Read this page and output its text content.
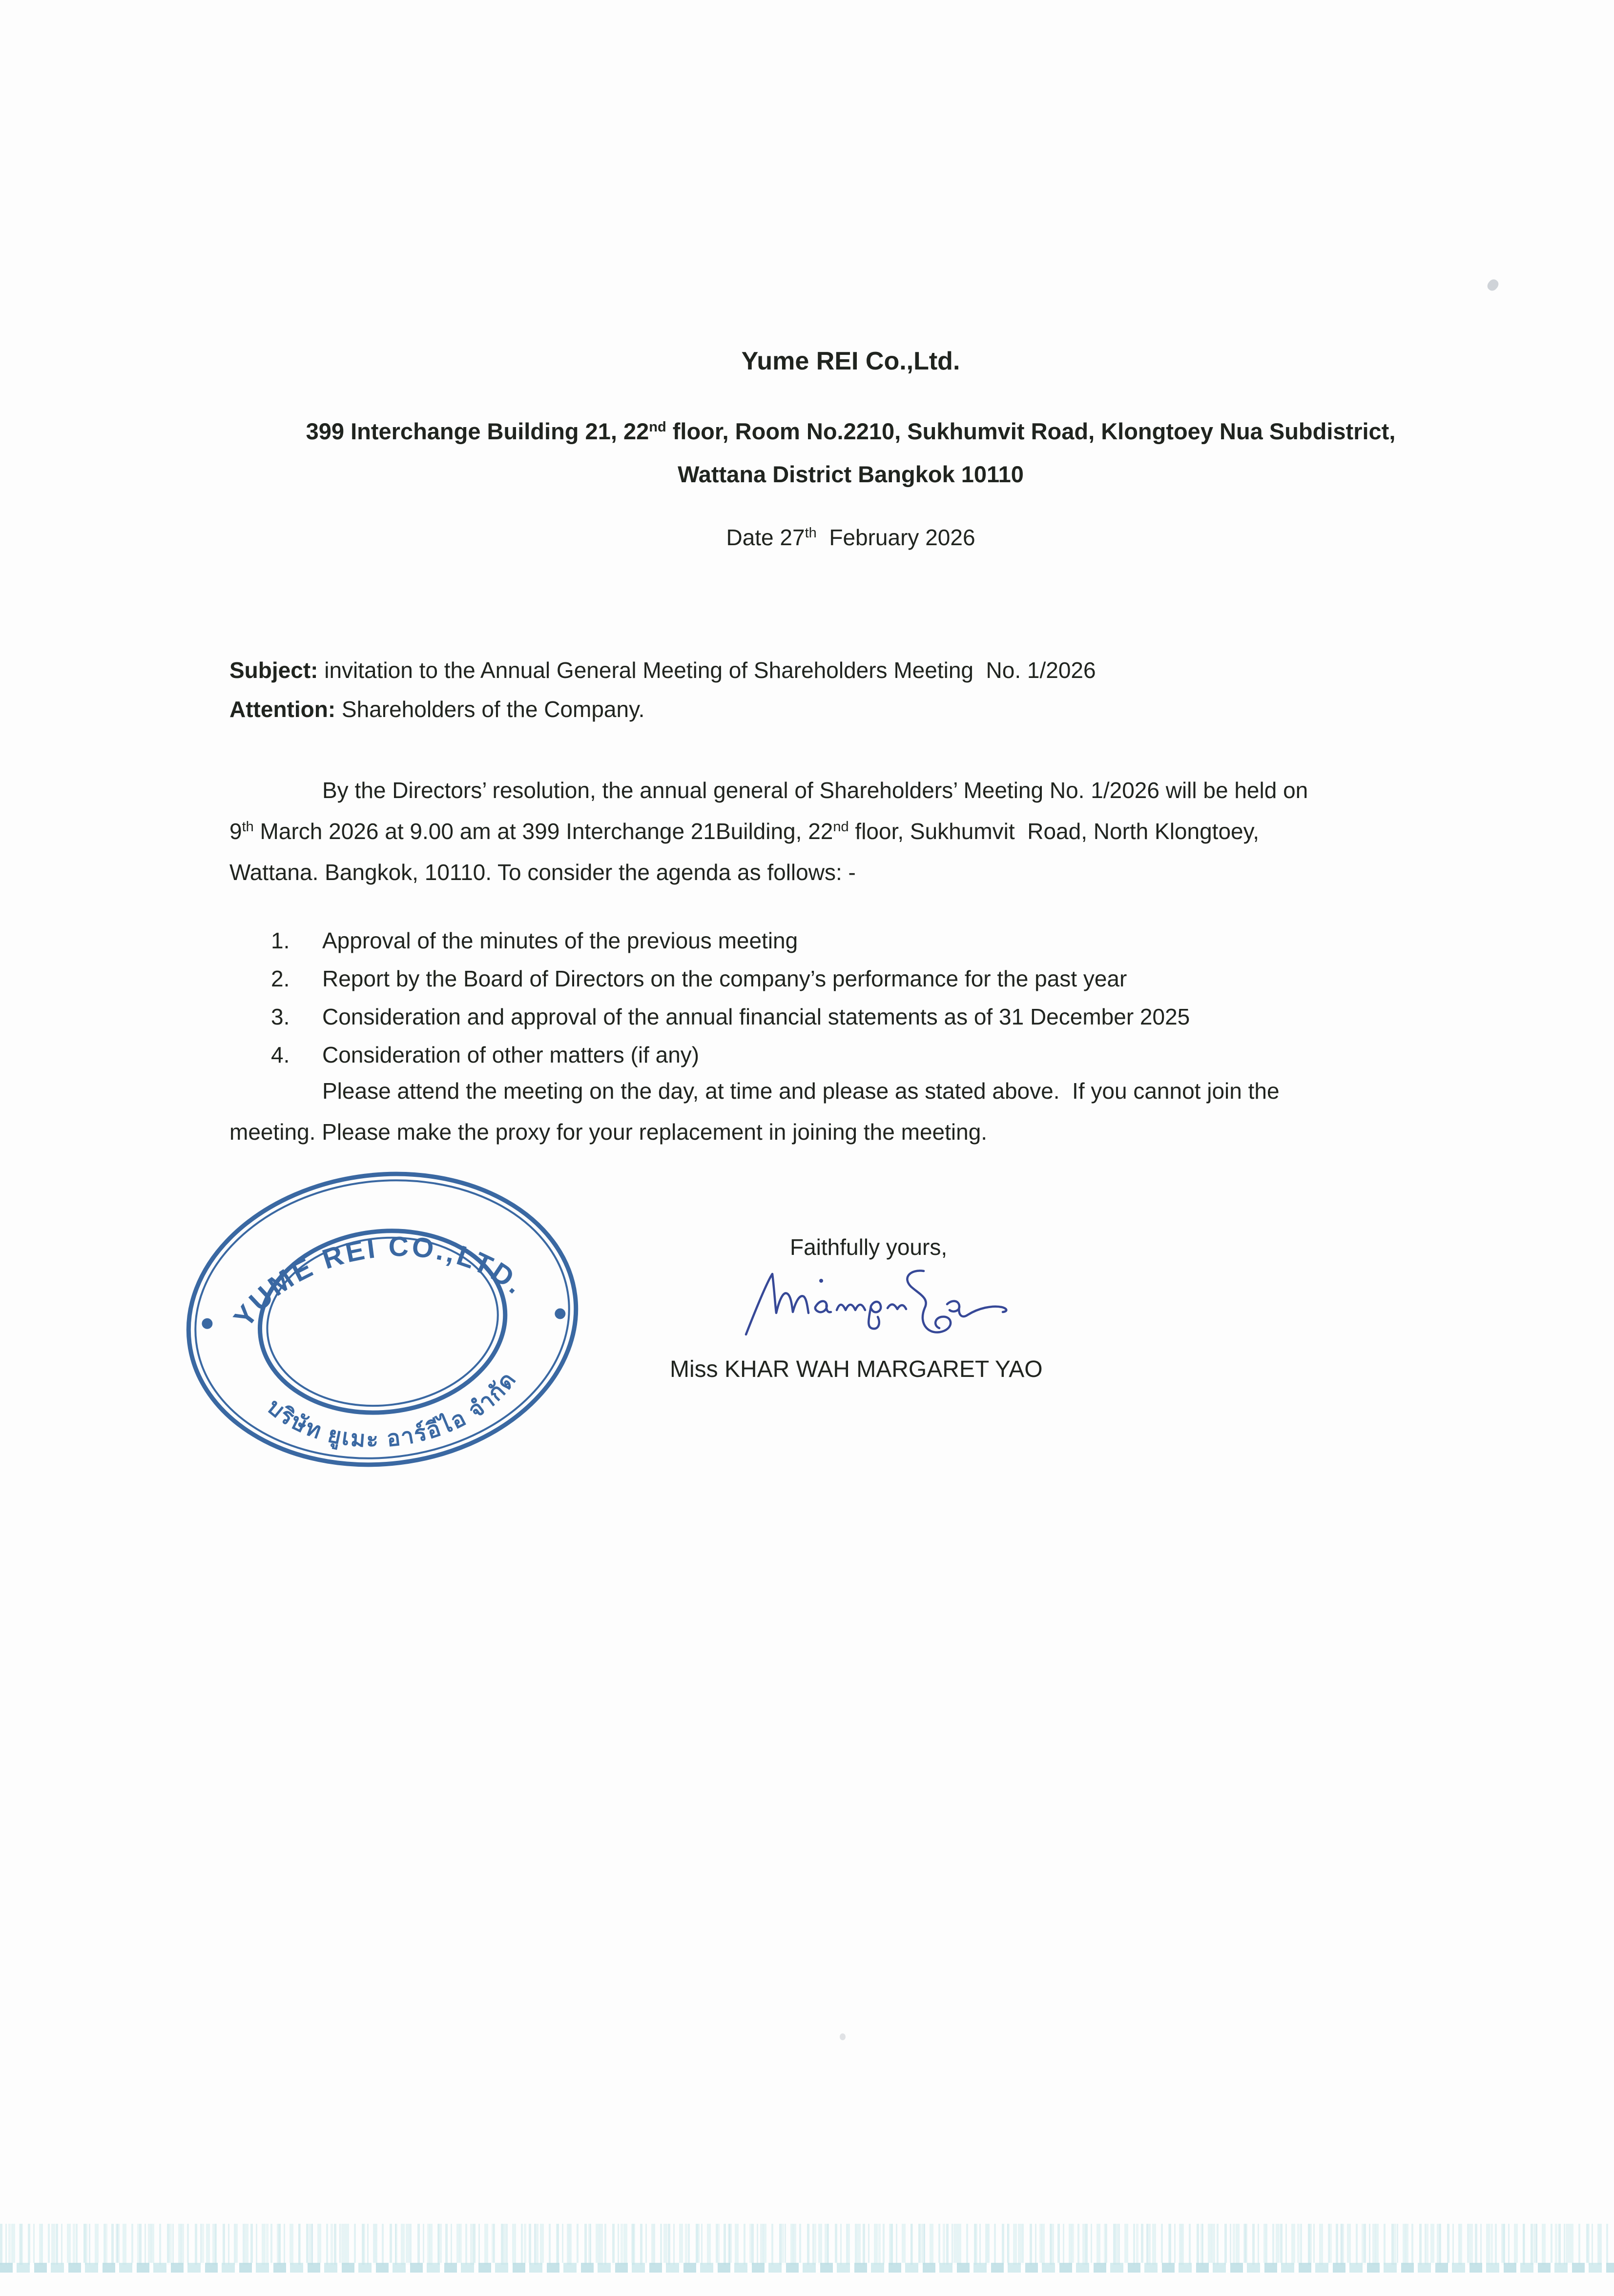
Yume REI Co.,Ltd.
399 Interchange Building 21, 22nd floor, Room No.2210, Sukhumvit Road, Klongtoey Nua Subdistrict,
Wattana District Bangkok 10110
Date 27th  February 2026
Subject: invitation to the Annual General Meeting of Shareholders Meeting  No. 1/2026
Attention: Shareholders of the Company.
By the Directors’ resolution, the annual general of Shareholders’ Meeting No. 1/2026 will be held on
9th March 2026 at 9.00 am at 399 Interchange 21Building, 22nd floor, Sukhumvit  Road, North Klongtoey,
Wattana. Bangkok, 10110. To consider the agenda as follows: -
1.	Approval of the minutes of the previous meeting
2.	Report by the Board of Directors on the company’s performance for the past year
3.	Consideration and approval of the annual financial statements as of 31 December 2025
4.	Consideration of other matters (if any)
Please attend the meeting on the day, at time and please as stated above.  If you cannot join the
meeting. Please make the proxy for your replacement in joining the meeting.
YUME REI CO.,LTD.
บริษัท ยูเมะ อาร์อีไอ จำกัด
Faithfully yours,
Miss KHAR WAH MARGARET YAO
